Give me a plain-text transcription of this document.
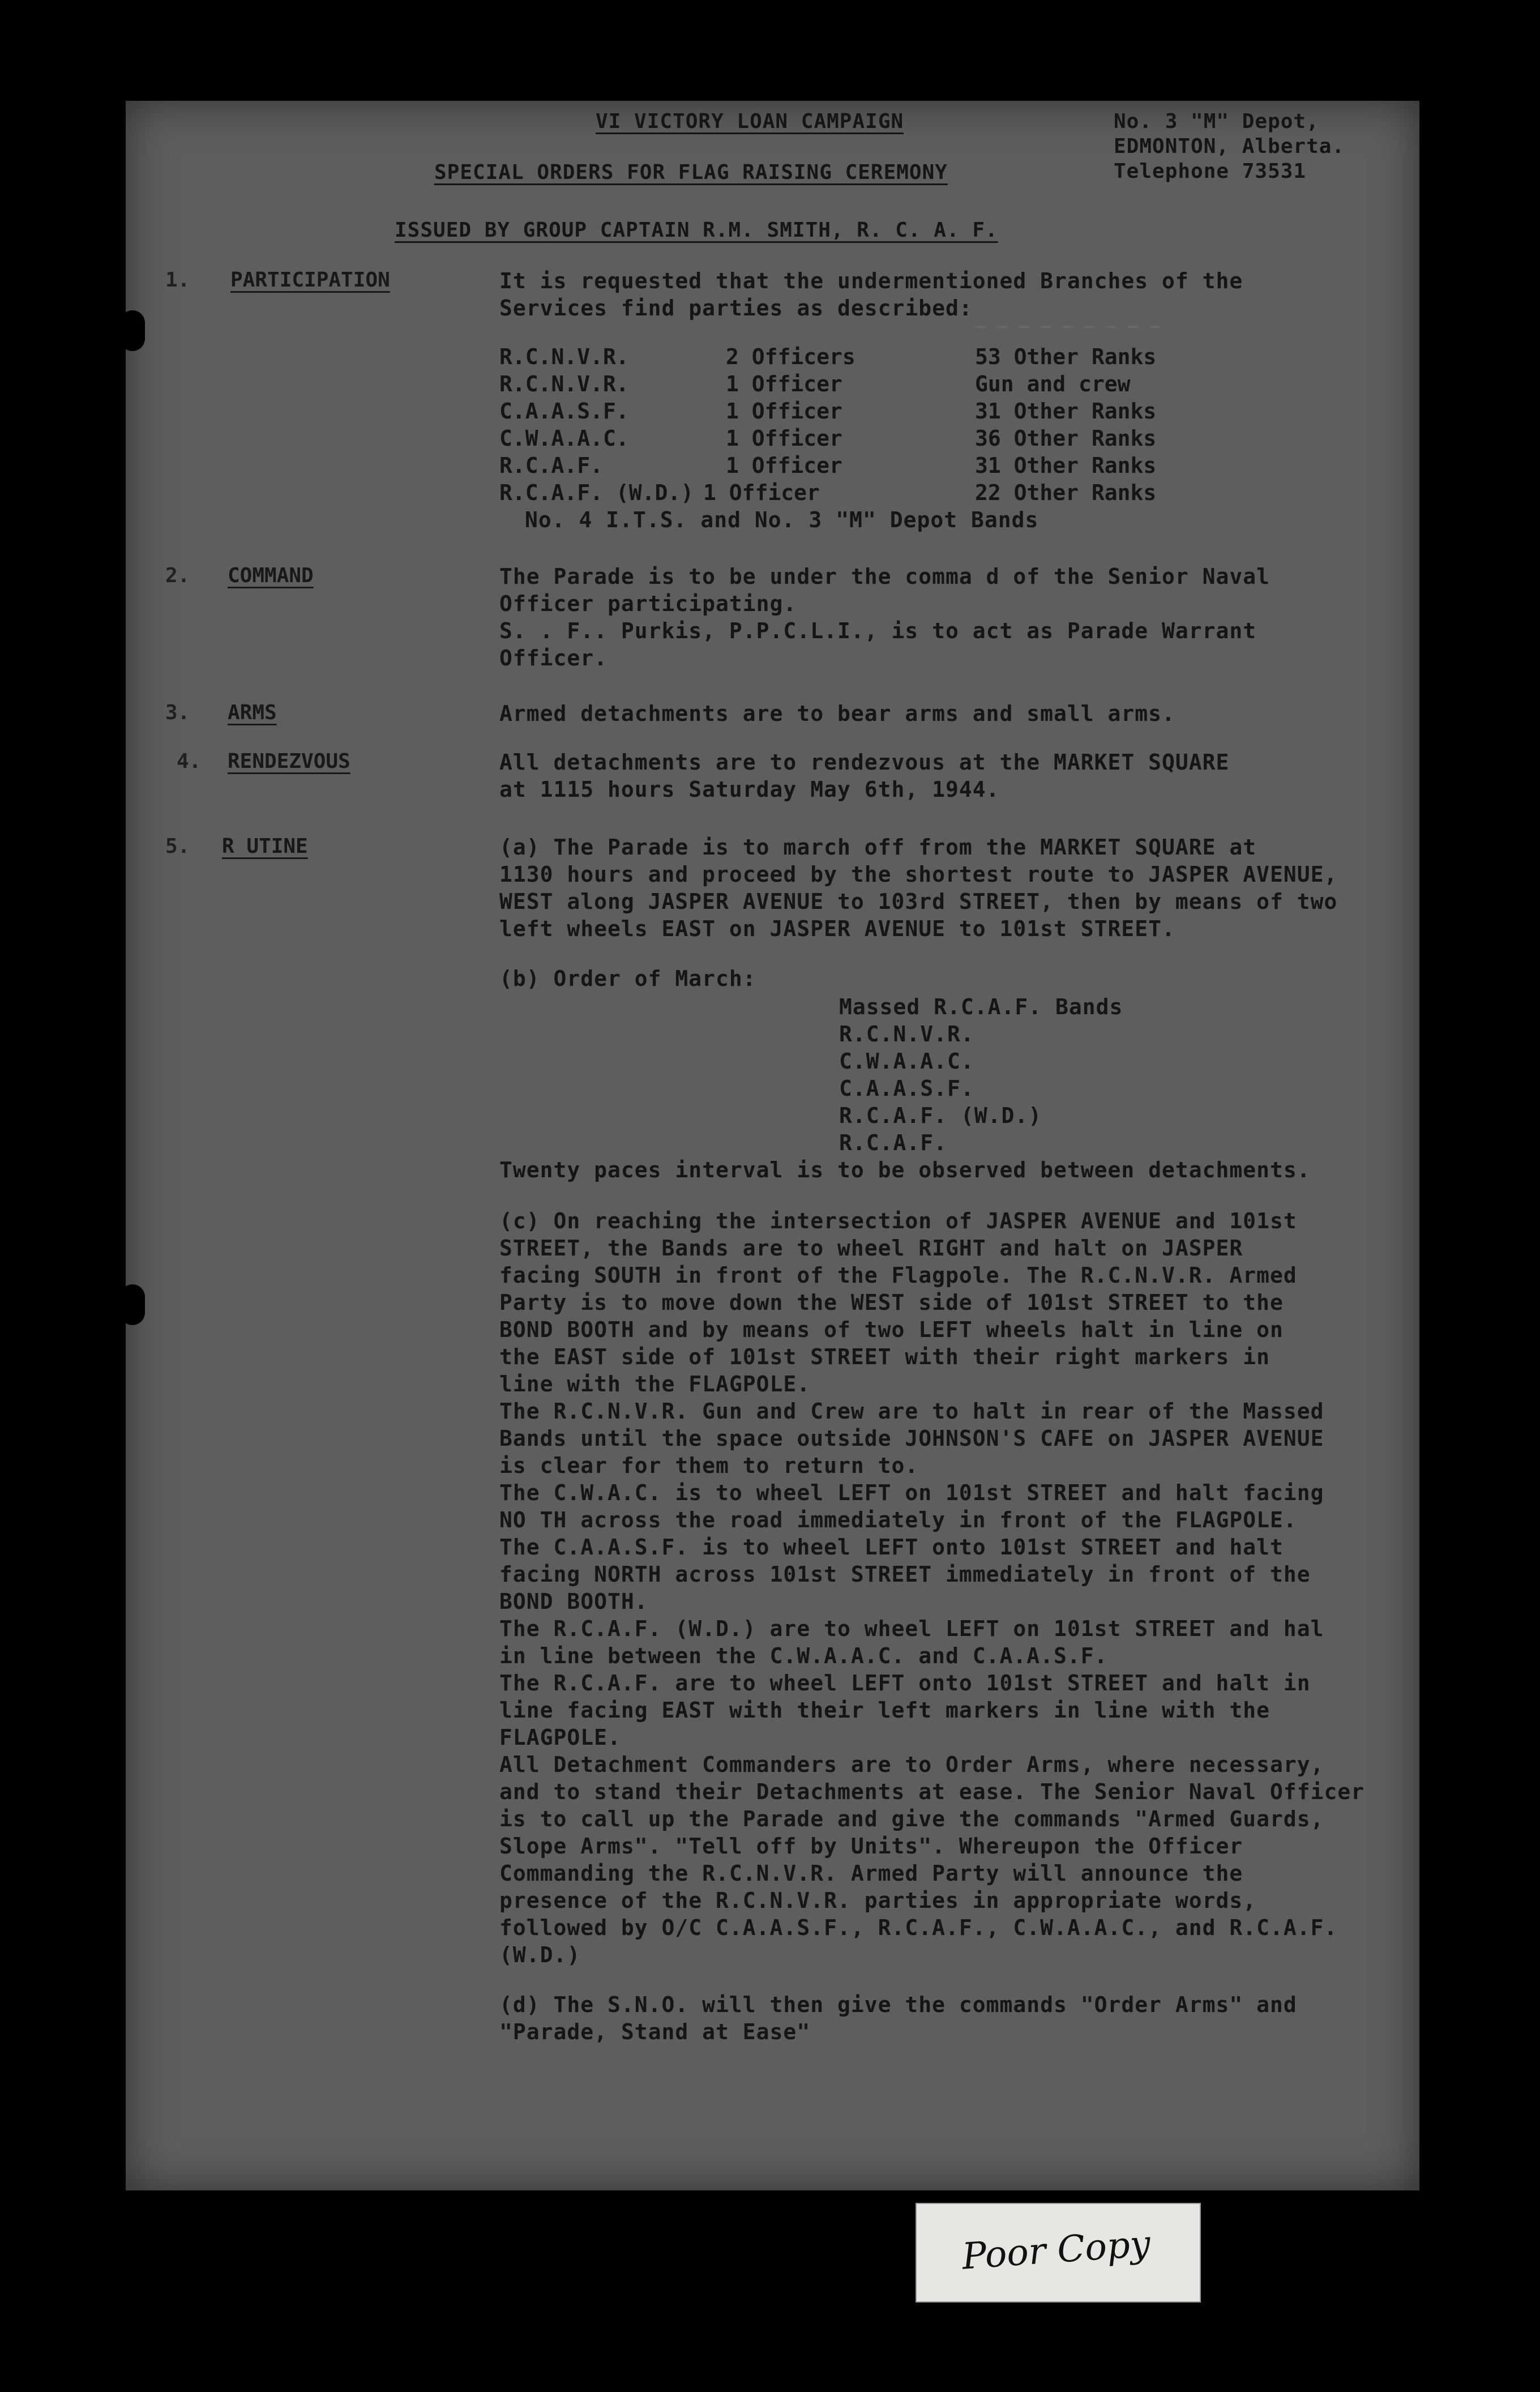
─ ─ ─ ─ ─ ─ ─ ─ ─
VI VICTORY LOAN CAMPAIGN
SPECIAL ORDERS FOR FLAG RAISING CEREMONY
ISSUED BY GROUP CAPTAIN R.M. SMITH, R. C. A. F.
No. 3 "M" Depot,
EDMONTON, Alberta.
Telephone 73531
1. PARTICIPATION	It is requested that the undermentioned Branches of the
Services find parties as described:
R.C.N.V.R.	2 Officers	53 Other Ranks
R.C.N.V.R.	1 Officer	Gun and crew
C.A.A.S.F.	1 Officer	31 Other Ranks
C.W.A.A.C.	1 Officer	36 Other Ranks
R.C.A.F.	1 Officer	31 Other Ranks
R.C.A.F. (W.D.) 1 Officer	22 Other Ranks
No. 4 I.T.S. and No. 3 "M" Depot Bands
2. COMMAND	The Parade is to be under the comma d of the Senior Naval
Officer participating.
S. . F.. Purkis, P.P.C.L.I., is to act as Parade Warrant
Officer.
3. ARMS	Armed detachments are to bear arms and small arms.
4. RENDEZVOUS	All detachments are to rendezvous at the MARKET SQUARE
at 1115 hours Saturday May 6th, 1944.
5. R UTINE	(a) The Parade is to march off from the MARKET SQUARE at
1130 hours and proceed by the shortest route to JASPER AVENUE,
WEST along JASPER AVENUE to 103rd STREET, then by means of two
left wheels EAST on JASPER AVENUE to 101st STREET.
(b) Order of March:
Massed R.C.A.F. Bands
R.C.N.V.R.
C.W.A.A.C.
C.A.A.S.F.
R.C.A.F. (W.D.)
R.C.A.F.
Twenty paces interval is to be observed between detachments.
(c) On reaching the intersection of JASPER AVENUE and 101st
STREET, the Bands are to wheel RIGHT and halt on JASPER
facing SOUTH in front of the Flagpole. The R.C.N.V.R. Armed
Party is to move down the WEST side of 101st STREET to the
BOND BOOTH and by means of two LEFT wheels halt in line on
the EAST side of 101st STREET with their right markers in
line with the FLAGPOLE.
The R.C.N.V.R. Gun and Crew are to halt in rear of the Massed
Bands until the space outside JOHNSON'S CAFE on JASPER AVENUE
is clear for them to return to.
The C.W.A.C. is to wheel LEFT on 101st STREET and halt facing
NO TH across the road immediately in front of the FLAGPOLE.
The C.A.A.S.F. is to wheel LEFT onto 101st STREET and halt
facing NORTH across 101st STREET immediately in front of the
BOND BOOTH.
The R.C.A.F. (W.D.) are to wheel LEFT on 101st STREET and hal
in line between the C.W.A.A.C. and C.A.A.S.F.
The R.C.A.F. are to wheel LEFT onto 101st STREET and halt in
line facing EAST with their left markers in line with the
FLAGPOLE.
All Detachment Commanders are to Order Arms, where necessary,
and to stand their Detachments at ease. The Senior Naval Officer
is to call up the Parade and give the commands "Armed Guards,
Slope Arms". "Tell off by Units". Whereupon the Officer
Commanding the R.C.N.V.R. Armed Party will announce the
presence of the R.C.N.V.R. parties in appropriate words,
followed by O/C C.A.A.S.F., R.C.A.F., C.W.A.A.C., and R.C.A.F.
(W.D.)
(d) The S.N.O. will then give the commands "Order Arms" and
"Parade, Stand at Ease"
Poor Copy
